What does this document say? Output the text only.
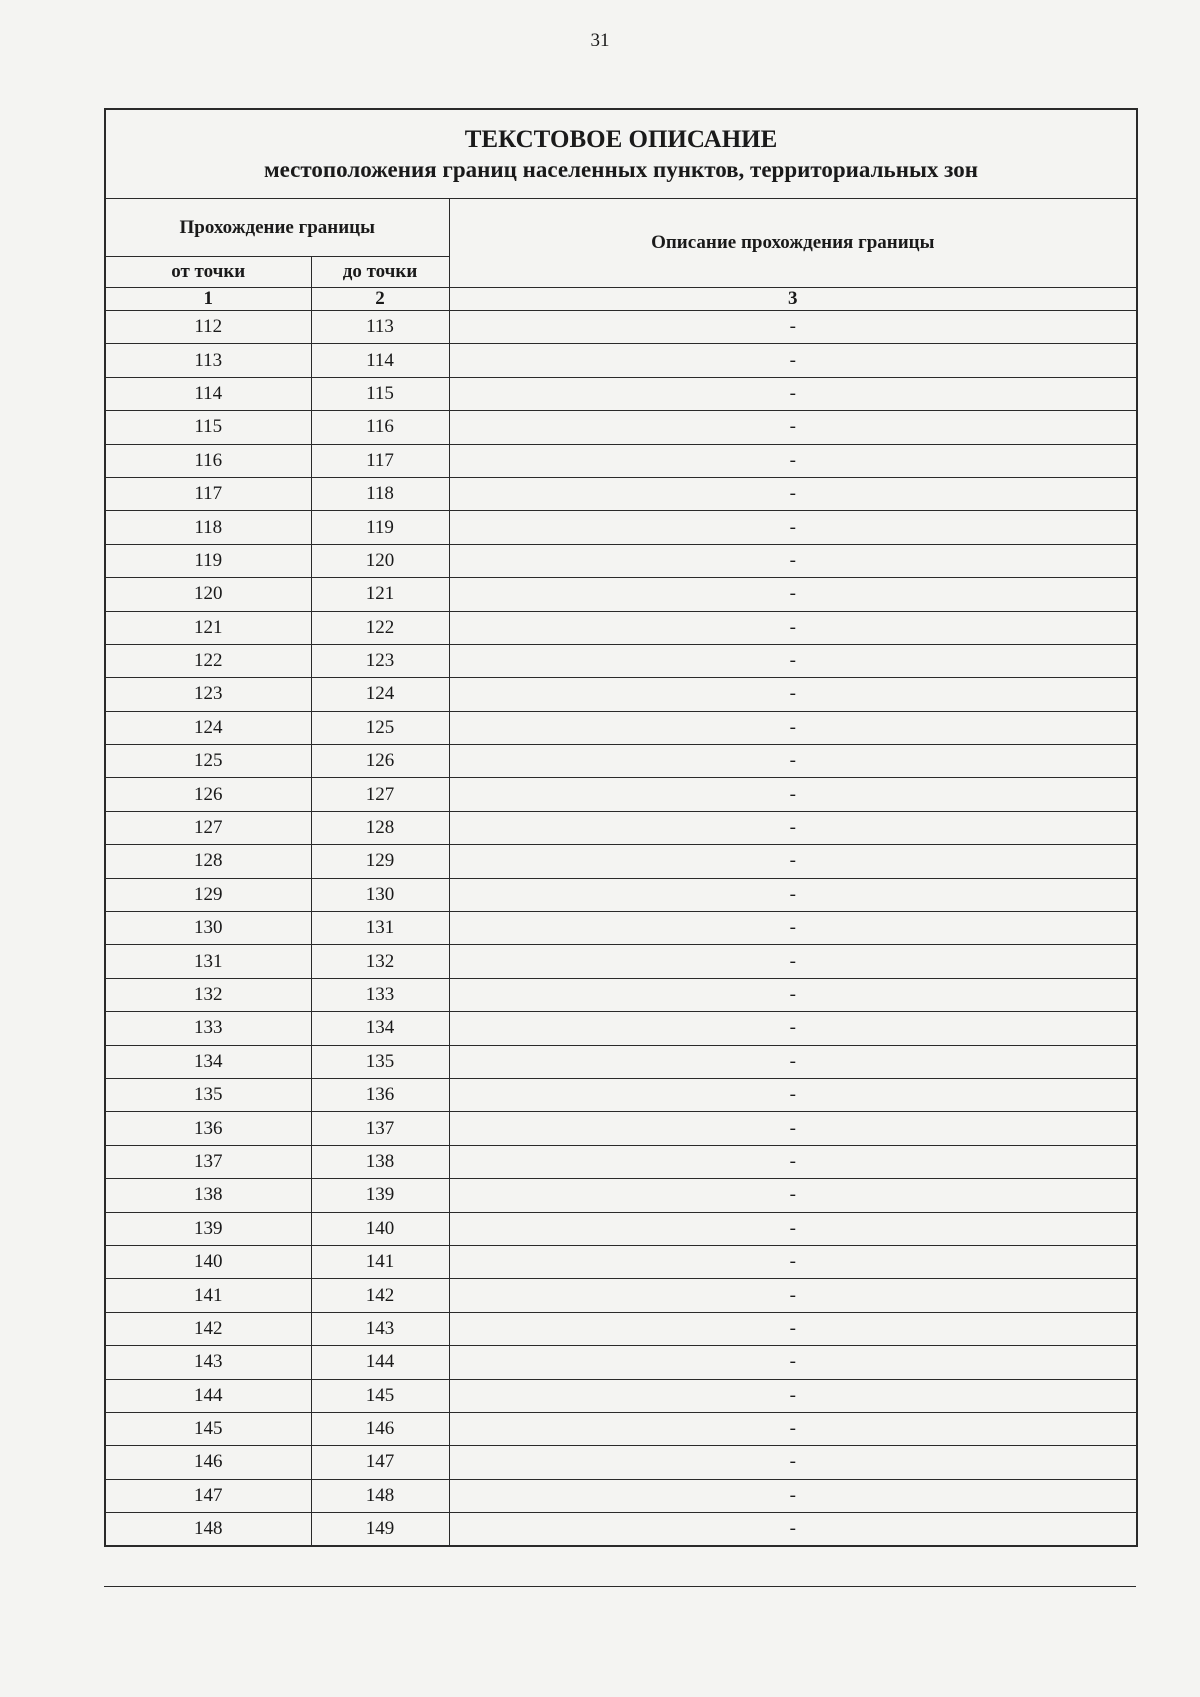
31
ТЕКСТОВОЕ ОПИСАНИЕ
местоположения границ населенных пунктов, территориальных зон		

Прохождение границы		Описание прохождения границы
от точки	до точки	
1	2	3
112	113	-
113	114	-
114	115	-
115	116	-
116	117	-
117	118	-
118	119	-
119	120	-
120	121	-
121	122	-
122	123	-
123	124	-
124	125	-
125	126	-
126	127	-
127	128	-
128	129	-
129	130	-
130	131	-
131	132	-
132	133	-
133	134	-
134	135	-
135	136	-
136	137	-
137	138	-
138	139	-
139	140	-
140	141	-
141	142	-
142	143	-
143	144	-
144	145	-
145	146	-
146	147	-
147	148	-
148	149	-
